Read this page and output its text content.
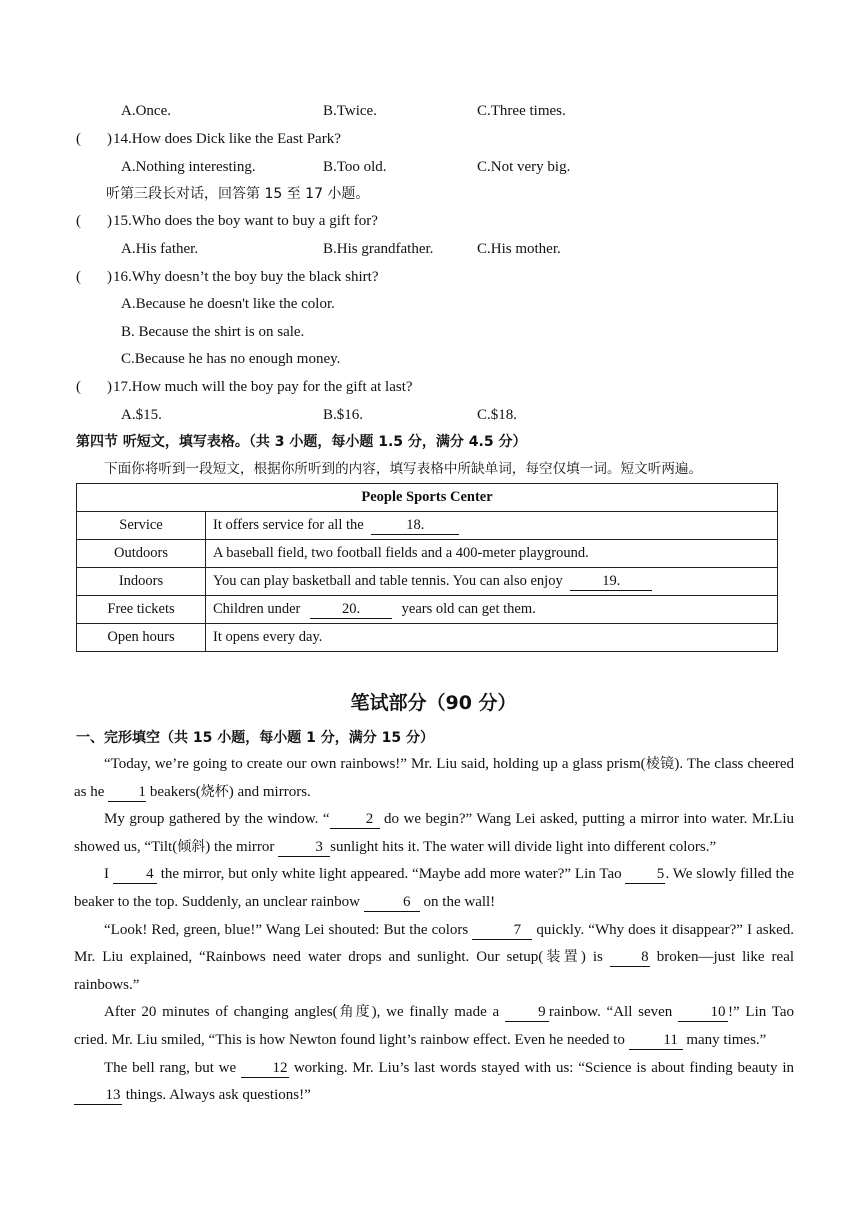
A.Once.	B.Twice.	C.Three times.
( ) 14.How does Dick like the East Park?
A.Nothing interesting.	B.Too old.	C.Not very big.
听第三段长对话，回答第 15 至 17 小题。
( ) 15.Who does the boy want to buy a gift for?
A.His father.	B.His grandfather.	C.His mother.
( ) 16.Why doesn’t the boy buy the black shirt?
A.Because he doesn't like the color.
B. Because the shirt is on sale.
C.Because he has no enough money.
( ) 17.How much will the boy pay for the gift at last?
A.$15.	B.$16.	C.$18.
第四节 听短文，填写表格。（共 3 小题，每小题 1.5 分，满分 4.5 分）
下面你将听到一段短文，根据你所听到的内容，填写表格中所缺单词，每空仅填一词。短文听两遍。
People Sports Center	
Service	It offers service for all the 18.
Outdoors	A baseball field, two football fields and a 400-meter playground.
Indoors	You can play basketball and table tennis. You can also enjoy 19.
Free tickets	Children under 20. years old can get them.
Open hours	It opens every day.
笔试部分（90 分）
一、完形填空（共 15 小题，每小题 1 分，满分 15 分）

“Today, we’re going to create our own rainbows!” Mr. Liu said, holding up a glass prism(棱镜). The class cheered as he 1 beakers(烧杯) and mirrors.

My group gathered by the window. “ 2 do we begin?” Wang Lei asked, putting a mirror into water. Mr.Liu showed us, “Tilt(倾斜) the mirror 3 sunlight hits it. The water will divide light into different colors.”

I 4 the mirror, but only white light appeared. “Maybe add more water?” Lin Tao 5. We slowly filled the beaker to the top. Suddenly, an unclear rainbow	6 on the wall!

“Look! Red, green, blue!” Wang Lei shouted: But the colors	7 quickly. “Why does it disappear?” I asked. Mr. Liu explained, “Rainbows need water drops and sunlight. Our setup(装置) is 8 broken—just like real rainbows.”

After 20 minutes of changing angles(角度), we finally made a 9 rainbow. “All seven 10 !” Lin Tao cried. Mr. Liu smiled, “This is how Newton found light’s rainbow effect. Even he needed to 11 many times.”

The bell rang, but we 12 working. Mr. Liu’s last words stayed with us: “Science is about finding beauty in 13 things. Always ask questions!”
